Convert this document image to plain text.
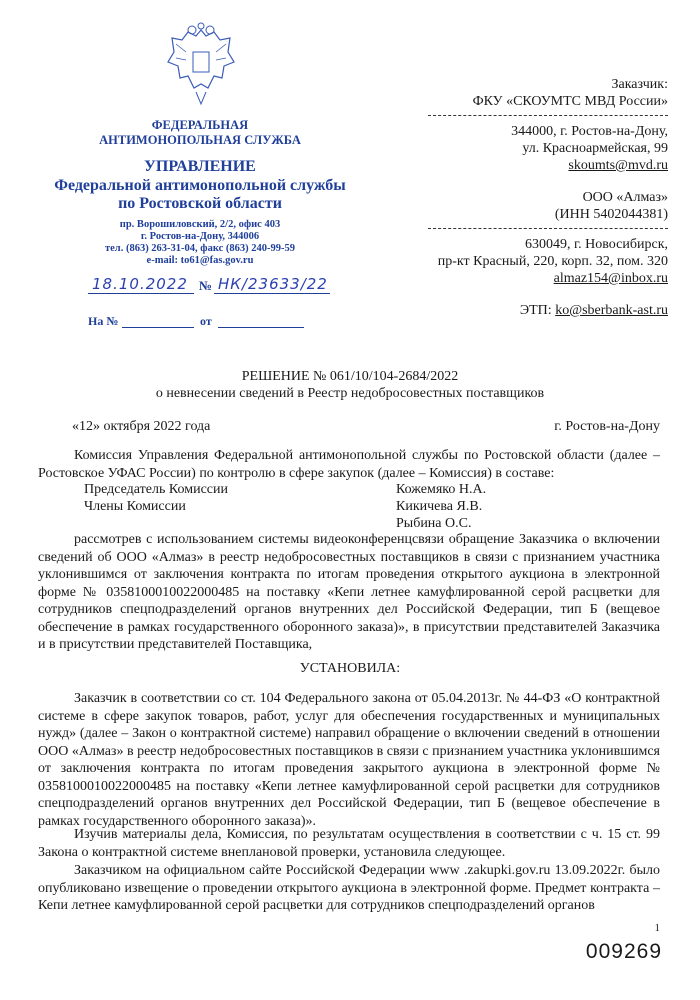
ФЕДЕРАЛЬНАЯ
АНТИМОНОПОЛЬНАЯ СЛУЖБА
УПРАВЛЕНИЕ
Федеральной антимонопольной службы
по Ростовской области
пр. Ворошиловский, 2/2, офис 403
г. Ростов-на-Дону, 344006
тел. (863) 263-31-04, факс (863) 240-99-59
e-mail: to61@fas.gov.ru
18.10.2022 № НК/23633/22
На №	от
Заказчик:
ФКУ «СКОУМТС МВД России»
344000, г. Ростов-на-Дону,
ул. Красноармейская, 99
skoumts@mvd.ru
ООО «Алмаз»
(ИНН 5402044381)
630049, г. Новосибирск,
пр-кт Красный, 220, корп. 32, пом. 320
almaz154@inbox.ru
ЭТП: ko@sberbank-ast.ru
РЕШЕНИЕ № 061/10/104-2684/2022
о невнесении сведений в Реестр недобросовестных поставщиков
«12» октября 2022 года	г. Ростов-на-Дону
Комиссия Управления Федеральной антимонопольной службы по Ростовской области (далее – Ростовское УФАС России) по контролю в сфере закупок (далее – Комиссия) в составе:
Председатель Комиссии	Кожемяко Н.А.
Члены Комиссии	Кикичева Я.В.
Рыбина О.С.
рассмотрев с использованием системы видеоконференцсвязи обращение Заказчика о включении сведений об ООО «Алмаз» в реестр недобросовестных поставщиков в связи с признанием участника уклонившимся от заключения контракта по итогам проведения открытого аукциона в электронной форме № 0358100010022000485 на поставку «Кепи летнее камуфлированной серой расцветки для сотрудников спецподразделений органов внутренних дел Российской Федерации, тип Б (вещевое обеспечение в рамках государственного оборонного заказа)», в присутствии представителей Заказчика и в присутствии представителей Поставщика,
УСТАНОВИЛА:
Заказчик в соответствии со ст. 104 Федерального закона от 05.04.2013г. № 44-ФЗ «О контрактной системе в сфере закупок товаров, работ, услуг для обеспечения государственных и муниципальных нужд» (далее – Закон о контрактной системе) направил обращение о включении сведений в отношении ООО «Алмаз» в реестр недобросовестных поставщиков в связи с признанием участника уклонившимся от заключения контракта по итогам проведения закрытого аукциона в электронной форме № 0358100010022000485 на поставку «Кепи летнее камуфлированной серой расцветки для сотрудников спецподразделений органов внутренних дел Российской Федерации, тип Б (вещевое обеспечение в рамках государственного оборонного заказа)».
Изучив материалы дела, Комиссия, по результатам осуществления в соответствии с ч. 15 ст. 99 Закона о контрактной системе внеплановой проверки, установила следующее.
Заказчиком на официальном сайте Российской Федерации www .zakupki.gov.ru 13.09.2022г. было опубликовано извещение о проведении открытого аукциона в электронной форме. Предмет контракта – Кепи летнее камуфлированной серой расцветки для сотрудников спецподразделений органов
1
009269
